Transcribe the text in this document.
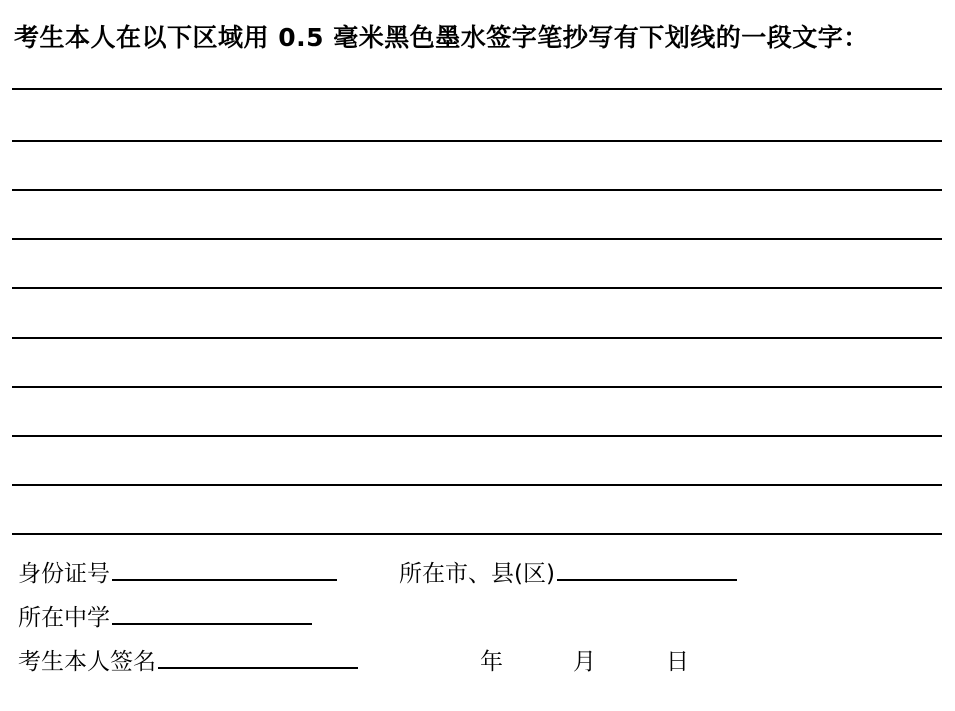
考生本人在以下区域用 0.5 毫米黑色墨水签字笔抄写有下划线的一段文字：
身份证号	所在市、县(区)
所在中学
考生本人签名	年	月	日
